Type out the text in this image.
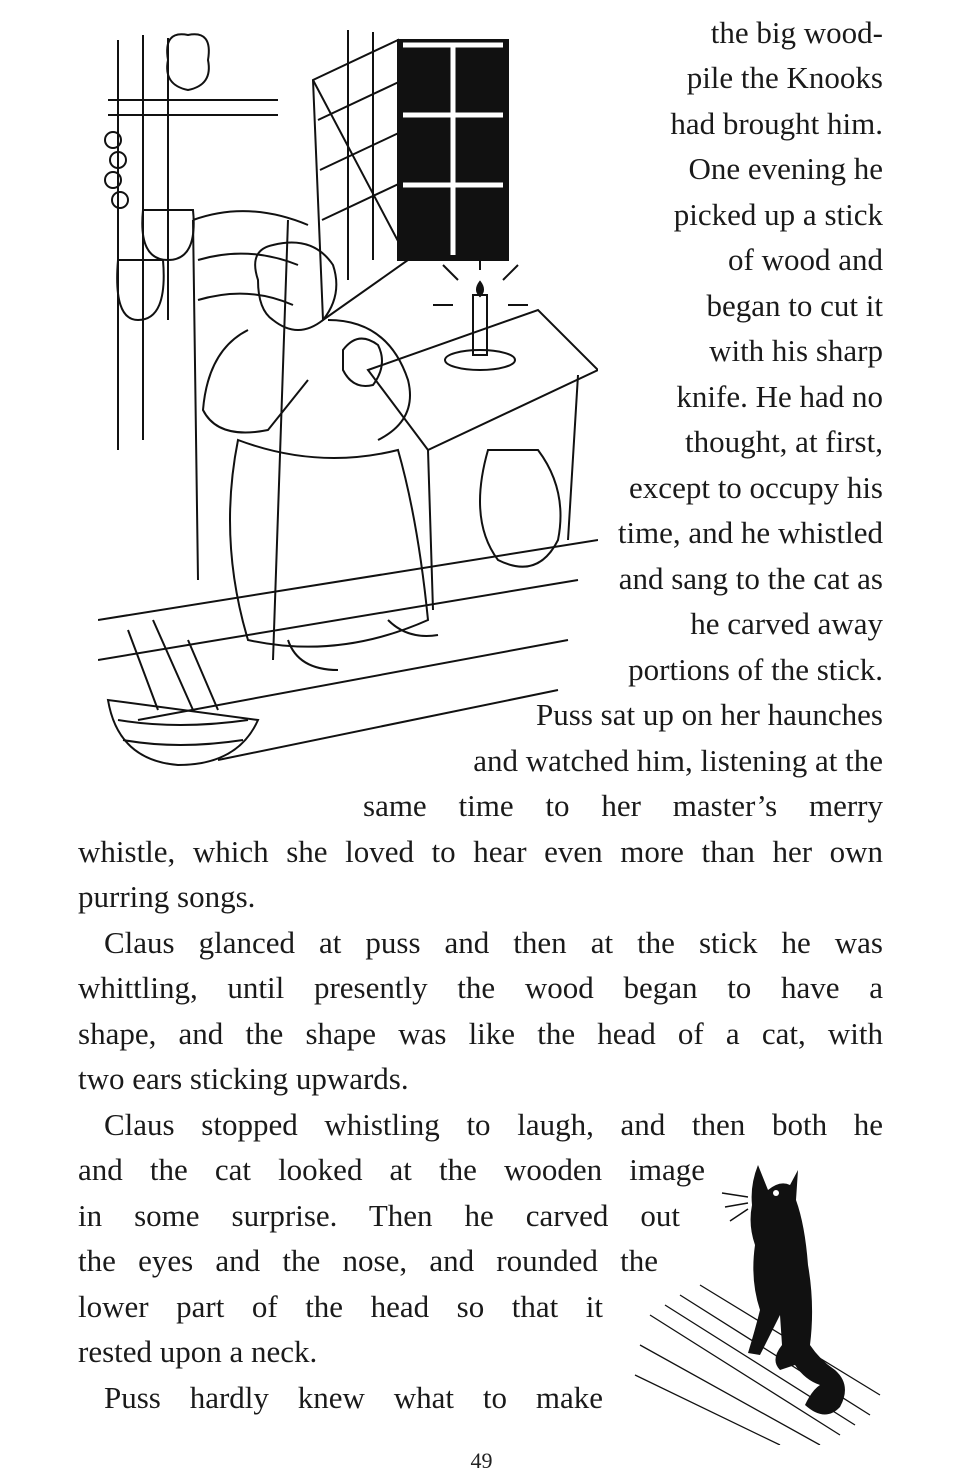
the big wood-
pile the Knooks
had brought him.
One evening he
picked up a stick
of wood and
began to cut it
with his sharp
knife. He had no
thought, at first,
except to occupy his
time, and he whistled
and sang to the cat as
he carved away
portions of the stick.
Puss sat up on her haunches
and watched him, listening at the
same time to her master’s merry
whistle, which she loved to hear even more than her own
purring songs.
Claus glanced at puss and then at the stick he was
whittling, until presently the wood began to have a
shape, and the shape was like the head of a cat, with
two ears sticking upwards.
Claus stopped whistling to laugh, and then both he
and the cat looked at the wooden image
in some surprise. Then he carved out
the eyes and the nose, and rounded the
lower part of the head so that it
rested upon a neck.
Puss hardly knew what to make
49
